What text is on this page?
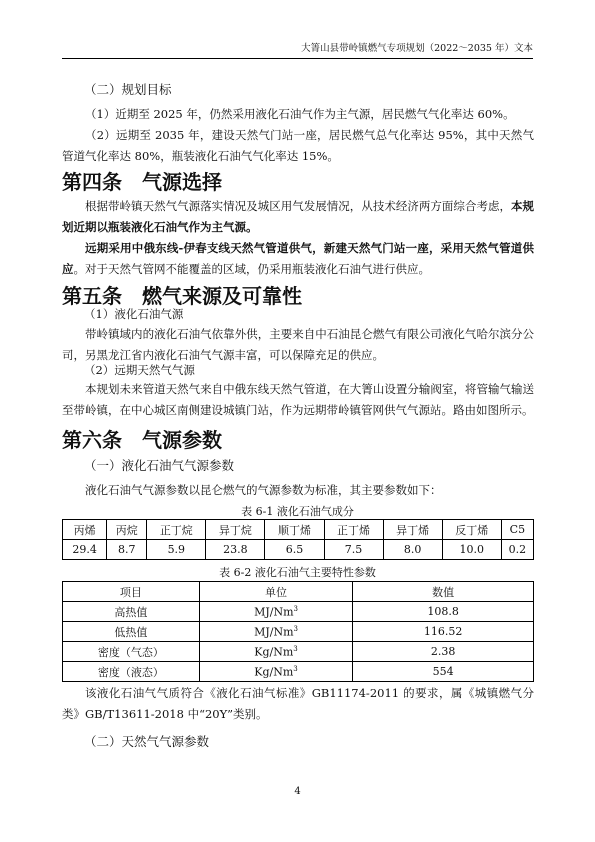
大箐山县带岭镇燃气专项规划（2022～2035 年）文本
（二）规划目标
（1）近期至 2025 年，仍然采用液化石油气作为主气源，居民燃气气化率达 60%。
（2）远期至 2035 年，建设天然气门站一座，居民燃气总气化率达 95%，其中天然气管道气化率达 80%，瓶装液化石油气气化率达 15%。
第四条　气源选择
根据带岭镇天然气气源落实情况及城区用气发展情况，从技术经济两方面综合考虑，本规划近期以瓶装液化石油气作为主气源。
远期采用中俄东线-伊春支线天然气管道供气，新建天然气门站一座，采用天然气管道供应。对于天然气管网不能覆盖的区域，仍采用瓶装液化石油气进行供应。
第五条　燃气来源及可靠性
（1）液化石油气源
带岭镇域内的液化石油气依靠外供，主要来自中石油昆仑燃气有限公司液化气哈尔滨分公司，另黑龙江省内液化石油气气源丰富，可以保障充足的供应。
（2）远期天然气气源
本规划未来管道天然气来自中俄东线天然气管道，在大箐山设置分输阀室，将管输气输送至带岭镇，在中心城区南侧建设城镇门站，作为远期带岭镇管网供气气源站。路由如图所示。
第六条　气源参数
（一）液化石油气气源参数
液化石油气气源参数以昆仑燃气的气源参数为标准，其主要参数如下：
表 6-1 液化石油气成分
丙烯	丙烷	正丁烷	异丁烷	顺丁烯	正丁烯	异丁烯	反丁烯	C5
29.4	8.7	5.9	23.8	6.5	7.5	8.0	10.0	0.2
表 6-2 液化石油气主要特性参数
项目	单位	数值
高热值	MJ/Nm$^3$	108.8
低热值	MJ/Nm$^3$	116.52
密度（气态）	Kg/Nm$^3$	2.38
密度（液态）	Kg/Nm$^3$	554
该液化石油气气质符合《液化石油气标准》GB11174-2011 的要求，属《城镇燃气分类》GB/T13611-2018 中“20Y”类别。
（二）天然气气源参数
4
